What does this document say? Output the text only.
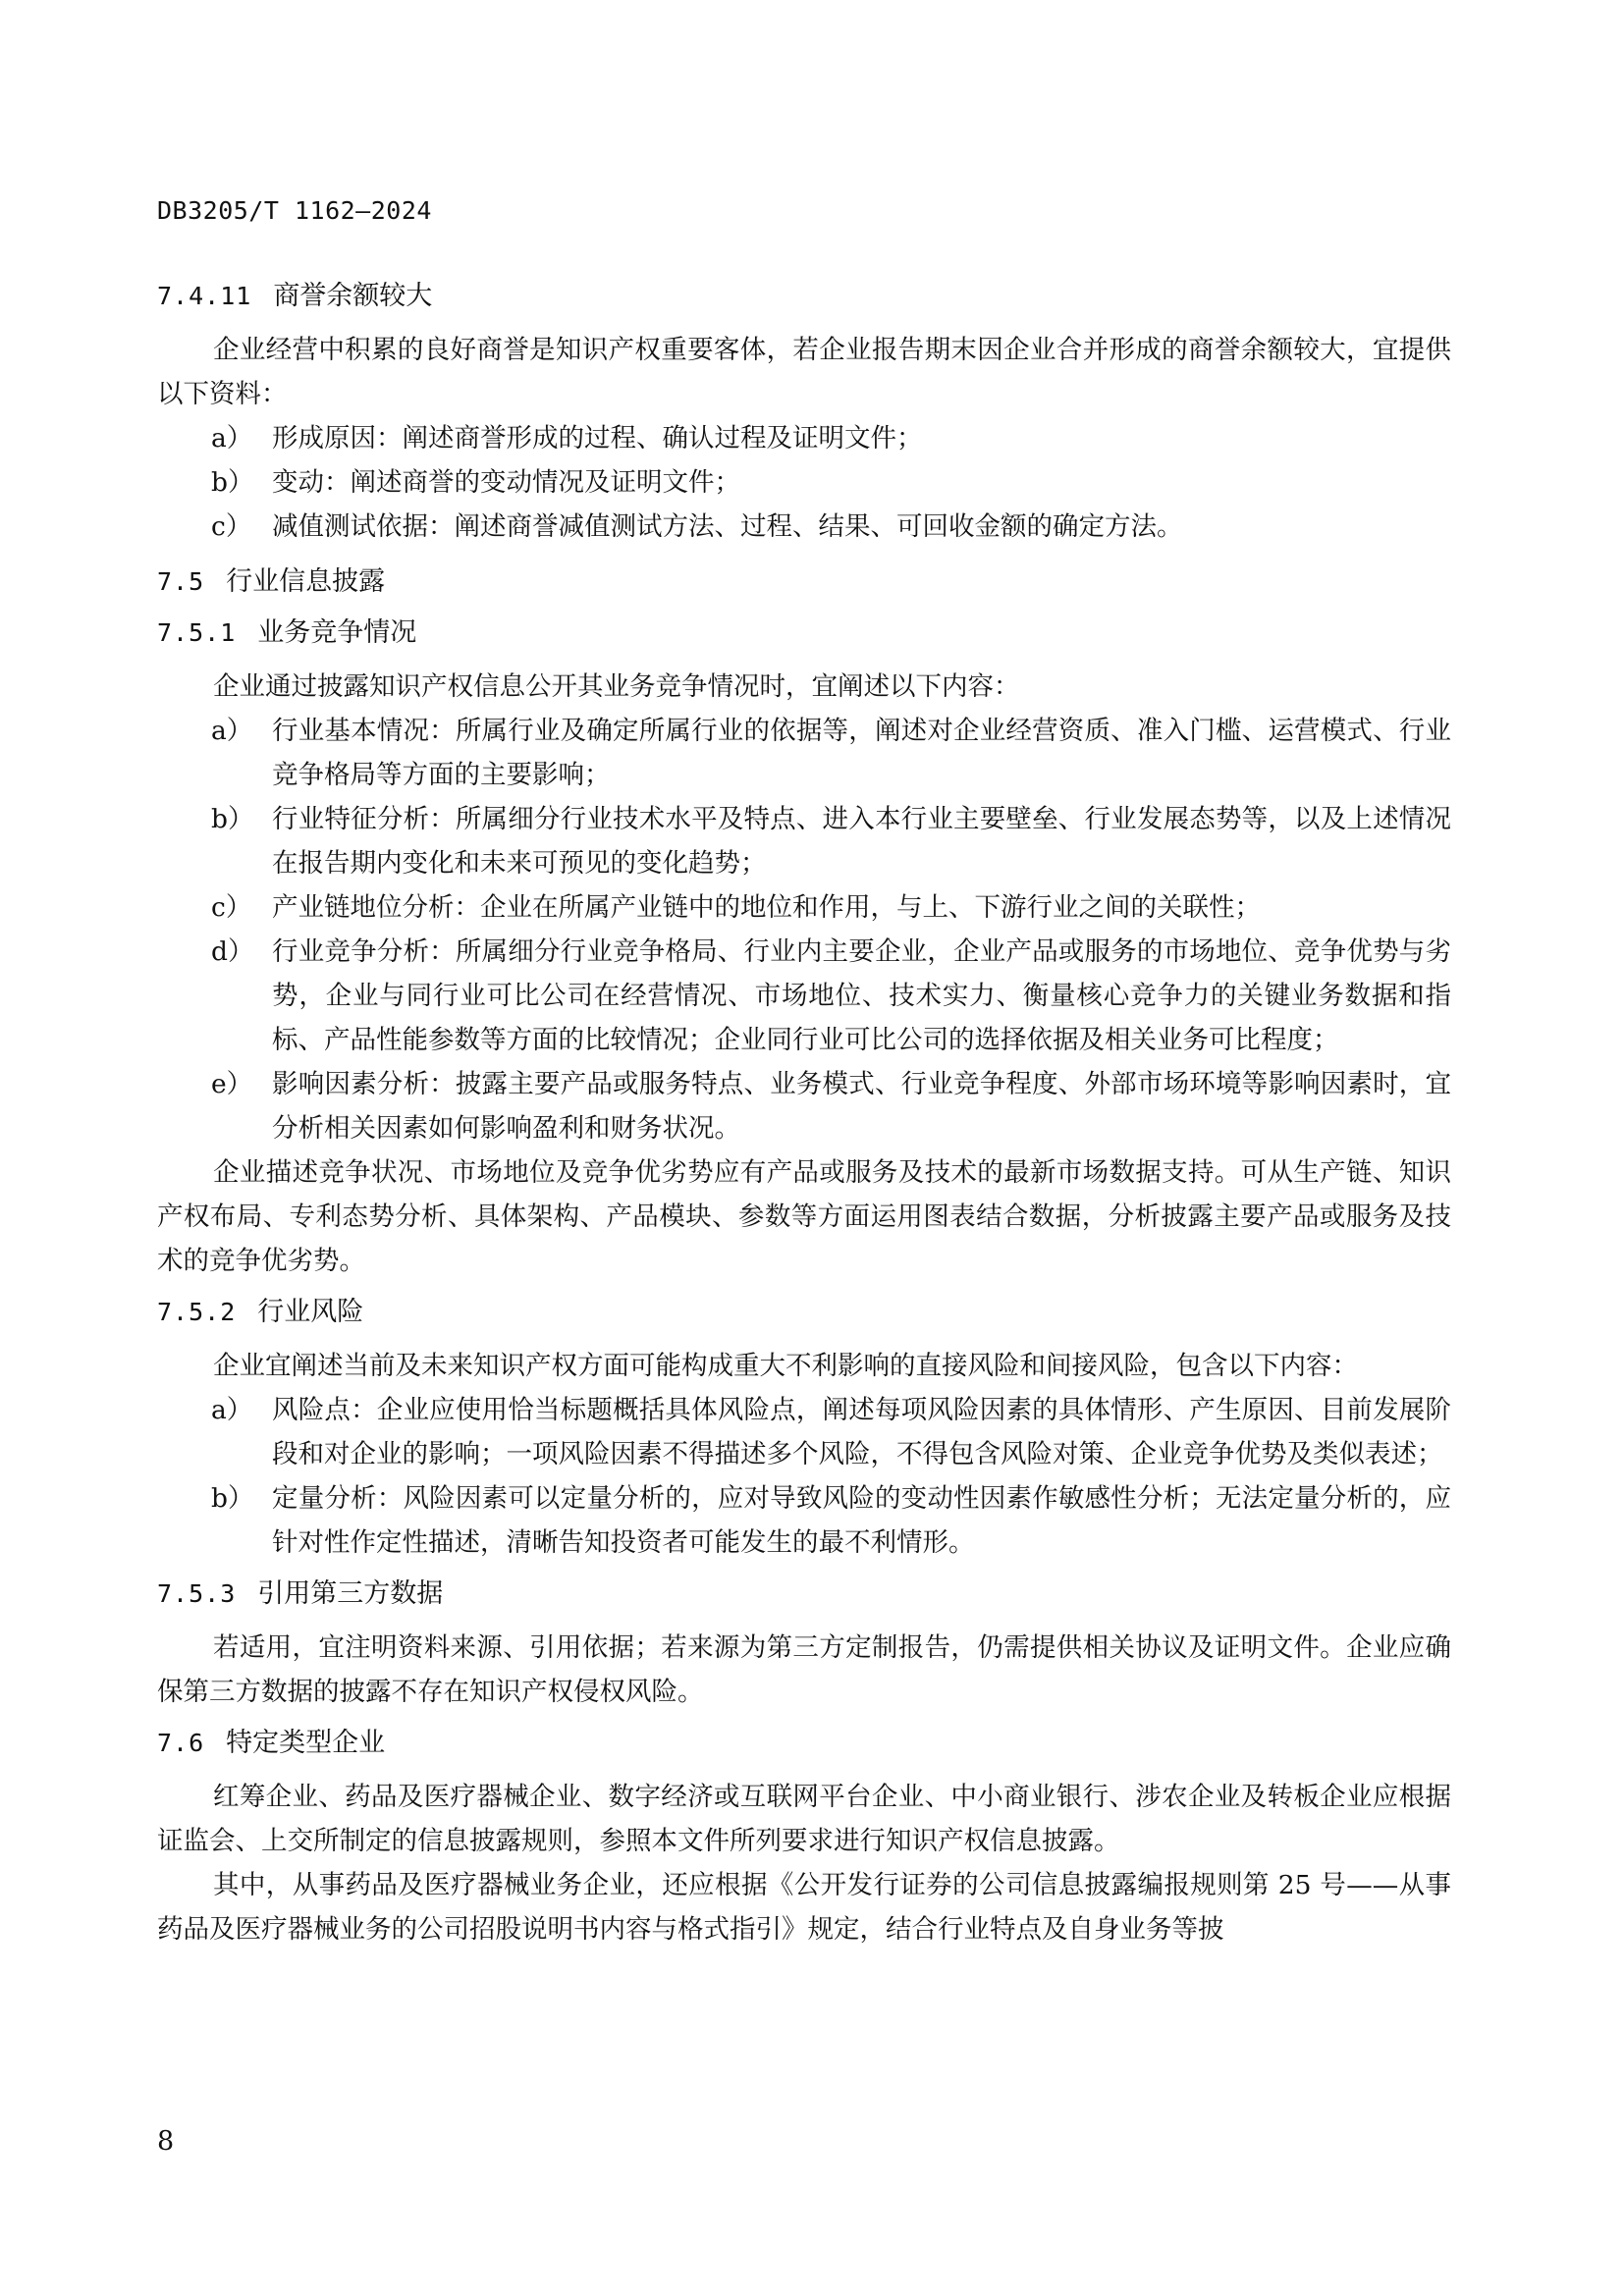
DB3205/T 1162—2024
7.4.11 商誉余额较大

企业经营中积累的良好商誉是知识产权重要客体，若企业报告期末因企业合并形成的商誉余额较大，宜提供以下资料：

a） 形成原因：阐述商誉形成的过程、确认过程及证明文件；
b） 变动：阐述商誉的变动情况及证明文件；
c） 减值测试依据：阐述商誉减值测试方法、过程、结果、可回收金额的确定方法。
7.5 行业信息披露
7.5.1 业务竞争情况

企业通过披露知识产权信息公开其业务竞争情况时，宜阐述以下内容：

a） 行业基本情况：所属行业及确定所属行业的依据等，阐述对企业经营资质、准入门槛、运营模式、行业竞争格局等方面的主要影响；
b） 行业特征分析：所属细分行业技术水平及特点、进入本行业主要壁垒、行业发展态势等，以及上述情况在报告期内变化和未来可预见的变化趋势；
c） 产业链地位分析：企业在所属产业链中的地位和作用，与上、下游行业之间的关联性；
d） 行业竞争分析：所属细分行业竞争格局、行业内主要企业，企业产品或服务的市场地位、竞争优势与劣势，企业与同行业可比公司在经营情况、市场地位、技术实力、衡量核心竞争力的关键业务数据和指标、产品性能参数等方面的比较情况；企业同行业可比公司的选择依据及相关业务可比程度；
e） 影响因素分析：披露主要产品或服务特点、业务模式、行业竞争程度、外部市场环境等影响因素时，宜分析相关因素如何影响盈利和财务状况。

企业描述竞争状况、市场地位及竞争优劣势应有产品或服务及技术的最新市场数据支持。可从生产链、知识产权布局、专利态势分析、具体架构、产品模块、参数等方面运用图表结合数据，分析披露主要产品或服务及技术的竞争优劣势。

7.5.2 行业风险

企业宜阐述当前及未来知识产权方面可能构成重大不利影响的直接风险和间接风险，包含以下内容：

a） 风险点：企业应使用恰当标题概括具体风险点，阐述每项风险因素的具体情形、产生原因、目前发展阶段和对企业的影响；一项风险因素不得描述多个风险，不得包含风险对策、企业竞争优势及类似表述；
b） 定量分析：风险因素可以定量分析的，应对导致风险的变动性因素作敏感性分析；无法定量分析的，应针对性作定性描述，清晰告知投资者可能发生的最不利情形。
7.5.3 引用第三方数据

若适用，宜注明资料来源、引用依据；若来源为第三方定制报告，仍需提供相关协议及证明文件。企业应确保第三方数据的披露不存在知识产权侵权风险。

7.6 特定类型企业

红筹企业、药品及医疗器械企业、数字经济或互联网平台企业、中小商业银行、涉农企业及转板企业应根据证监会、上交所制定的信息披露规则，参照本文件所列要求进行知识产权信息披露。

其中，从事药品及医疗器械业务企业，还应根据《公开发行证券的公司信息披露编报规则第 25 号——从事药品及医疗器械业务的公司招股说明书内容与格式指引》规定，结合行业特点及自身业务等披

8
